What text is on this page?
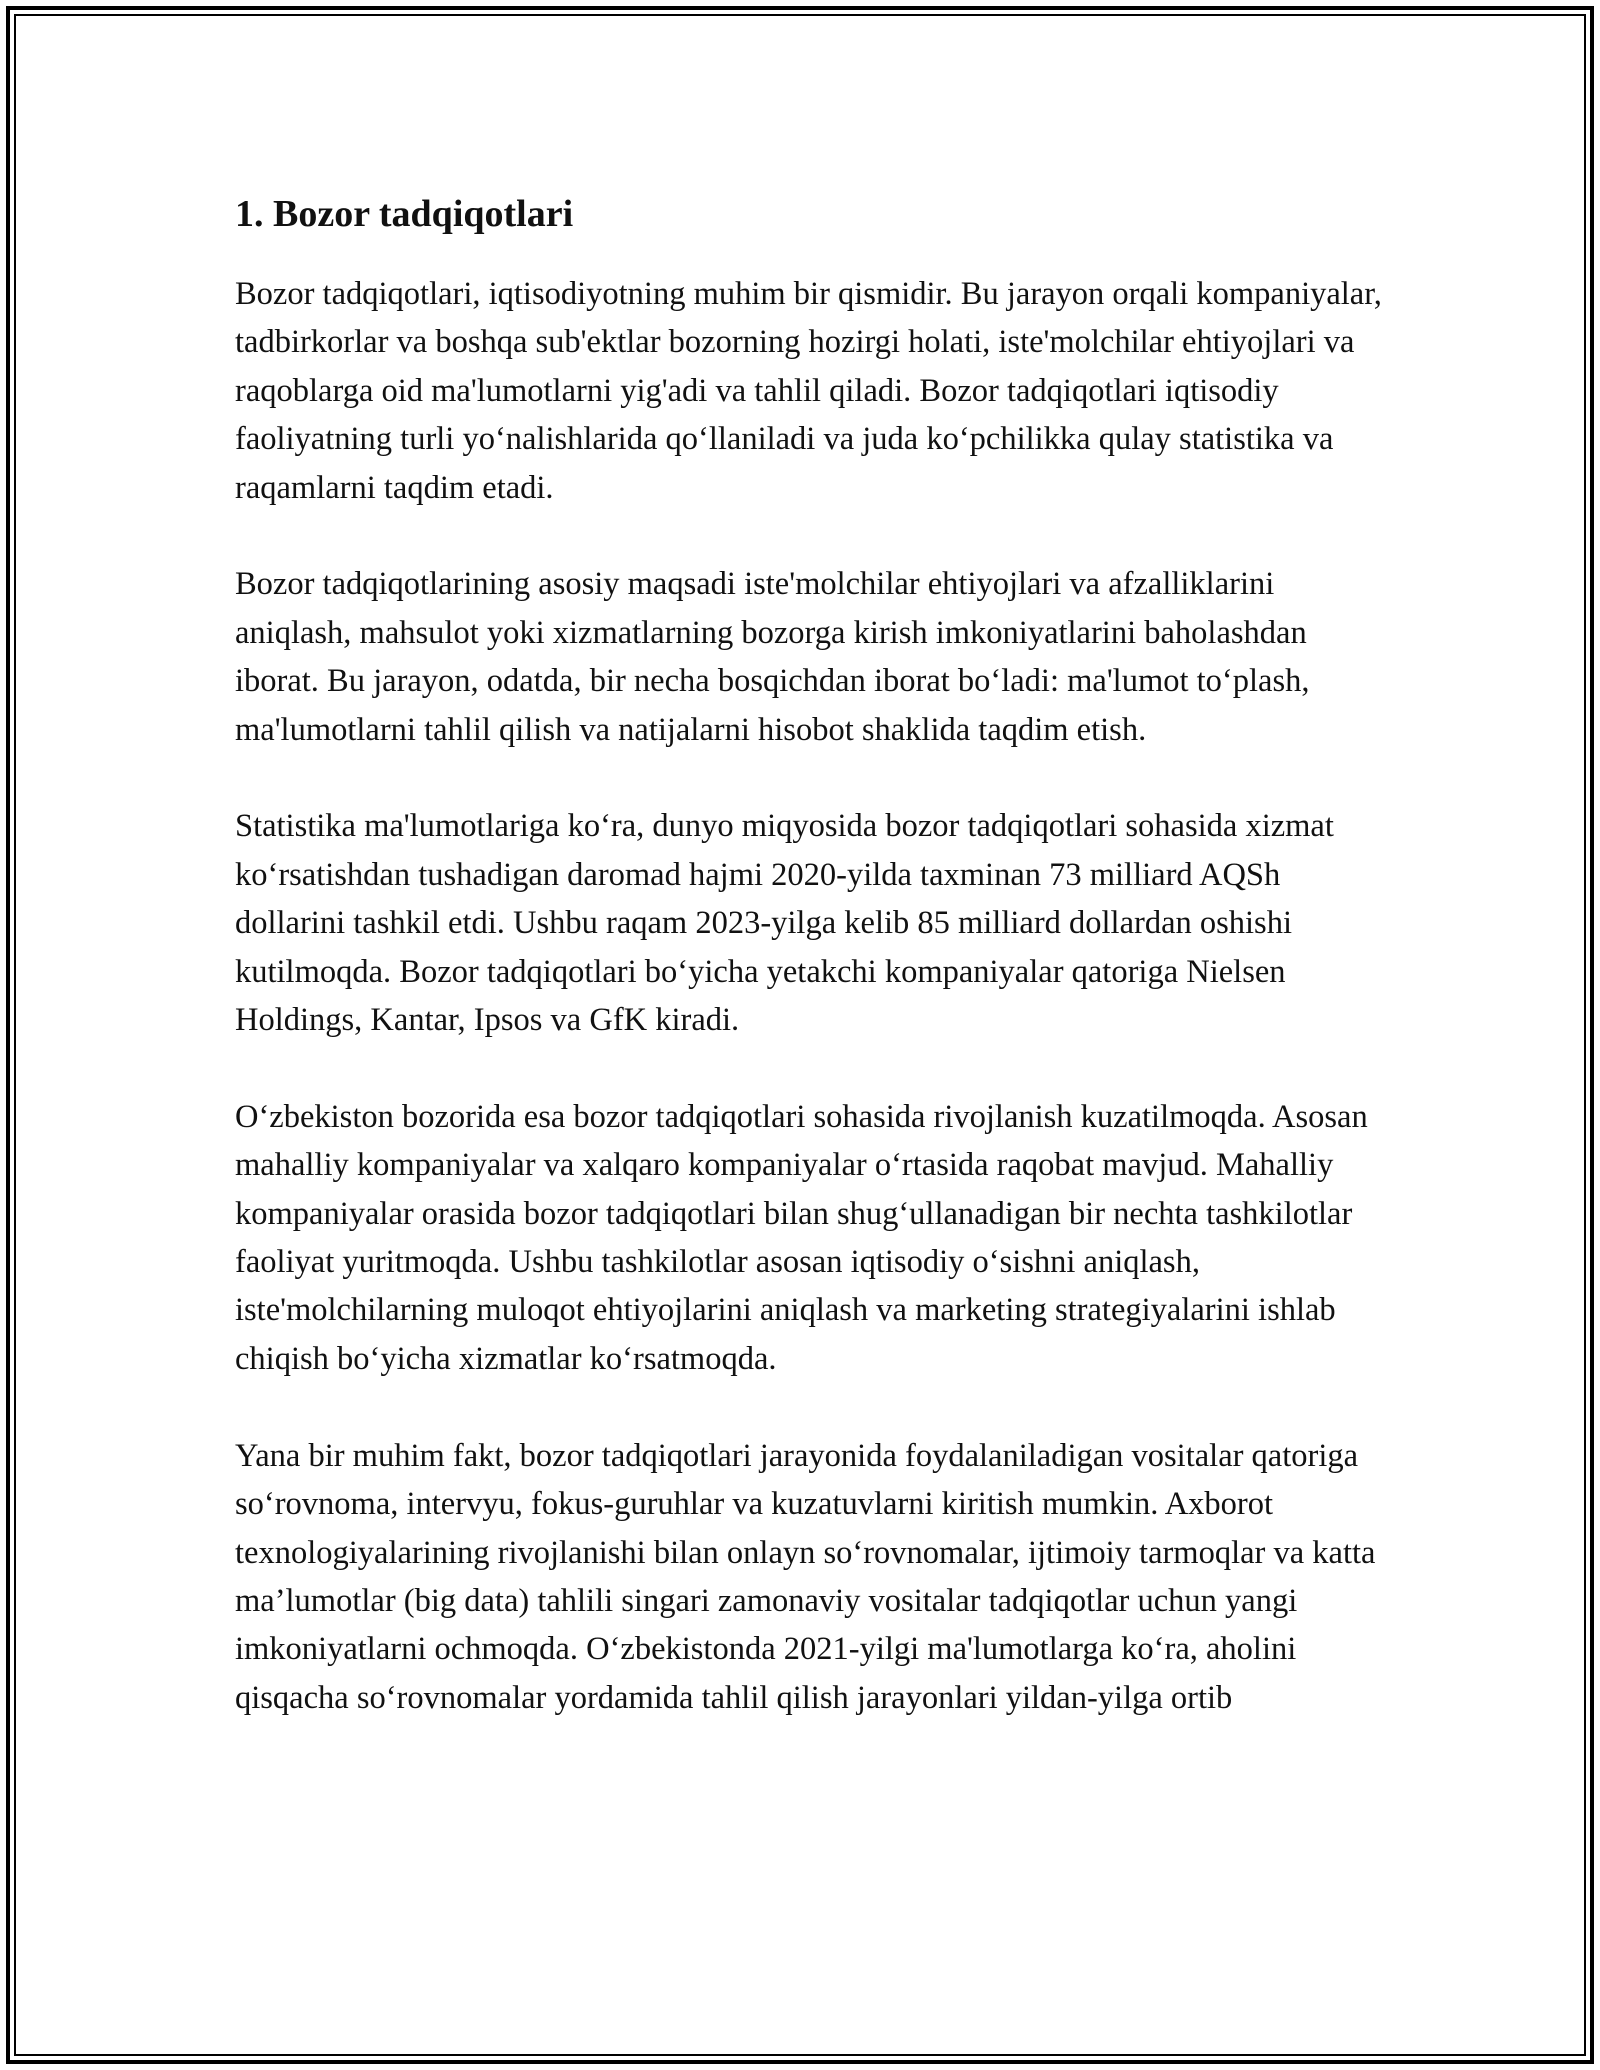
1. Bozor tadqiqotlari

Bozor tadqiqotlari, iqtisodiyotning muhim bir qismidir. Bu jarayon orqali kompaniyalar, tadbirkorlar va boshqa sub'ektlar bozorning hozirgi holati, iste'molchilar ehtiyojlari va raqoblarga oid ma'lumotlarni yig'adi va tahlil qiladi. Bozor tadqiqotlari iqtisodiy faoliyatning turli yo‘nalishlarida qo‘llaniladi va juda ko‘pchilikka qulay statistika va raqamlarni taqdim etadi.

Bozor tadqiqotlarining asosiy maqsadi iste'molchilar ehtiyojlari va afzalliklarini aniqlash, mahsulot yoki xizmatlarning bozorga kirish imkoniyatlarini baholashdan iborat. Bu jarayon, odatda, bir necha bosqichdan iborat bo‘ladi: ma'lumot to‘plash, ma'lumotlarni tahlil qilish va natijalarni hisobot shaklida taqdim etish.

Statistika ma'lumotlariga ko‘ra, dunyo miqyosida bozor tadqiqotlari sohasida xizmat ko‘rsatishdan tushadigan daromad hajmi 2020-yilda taxminan 73 milliard AQSh dollarini tashkil etdi. Ushbu raqam 2023-yilga kelib 85 milliard dollardan oshishi kutilmoqda. Bozor tadqiqotlari bo‘yicha yetakchi kompaniyalar qatoriga Nielsen Holdings, Kantar, Ipsos va GfK kiradi.

O‘zbekiston bozorida esa bozor tadqiqotlari sohasida rivojlanish kuzatilmoqda. Asosan mahalliy kompaniyalar va xalqaro kompaniyalar o‘rtasida raqobat mavjud. Mahalliy kompaniyalar orasida bozor tadqiqotlari bilan shug‘ullanadigan bir nechta tashkilotlar faoliyat yuritmoqda. Ushbu tashkilotlar asosan iqtisodiy o‘sishni aniqlash, iste'molchilarning muloqot ehtiyojlarini aniqlash va marketing strategiyalarini ishlab chiqish bo‘yicha xizmatlar ko‘rsatmoqda.

Yana bir muhim fakt, bozor tadqiqotlari jarayonida foydalaniladigan vositalar qatoriga so‘rovnoma, intervyu, fokus-guruhlar va kuzatuvlarni kiritish mumkin. Axborot texnologiyalarining rivojlanishi bilan onlayn so‘rovnomalar, ijtimoiy tarmoqlar va katta ma’lumotlar (big data) tahlili singari zamonaviy vositalar tadqiqotlar uchun yangi imkoniyatlarni ochmoqda. O‘zbekistonda 2021-yilgi ma'lumotlarga ko‘ra, aholini qisqacha so‘rovnomalar yordamida tahlil qilish jarayonlari yildan-yilga ortib
